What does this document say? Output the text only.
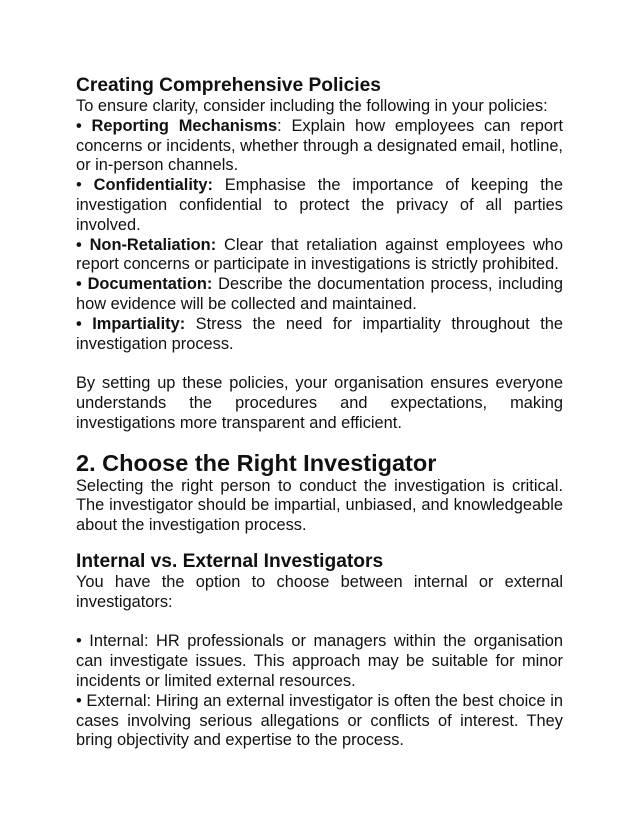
Creating Comprehensive Policies

To ensure clarity, consider including the following in your policies:

• Reporting Mechanisms: Explain how employees can report concerns or incidents, whether through a designated email, hotline, or in-person channels.

• Confidentiality: Emphasise the importance of keeping the investigation confidential to protect the privacy of all parties involved.

• Non-Retaliation: Clear that retaliation against employees who report concerns or participate in investigations is strictly prohibited.

• Documentation: Describe the documentation process, including how evidence will be collected and maintained.

• Impartiality: Stress the need for impartiality throughout the investigation process.

By setting up these policies, your organisation ensures everyone understands the procedures and expectations, making investigations more transparent and efficient.

2. Choose the Right Investigator

Selecting the right person to conduct the investigation is critical. The investigator should be impartial, unbiased, and knowledgeable about the investigation process.

Internal vs. External Investigators

You have the option to choose between internal or external investigators:

• Internal: HR professionals or managers within the organisation can investigate issues. This approach may be suitable for minor incidents or limited external resources.

• External: Hiring an external investigator is often the best choice in cases involving serious allegations or conflicts of interest. They bring objectivity and expertise to the process.
